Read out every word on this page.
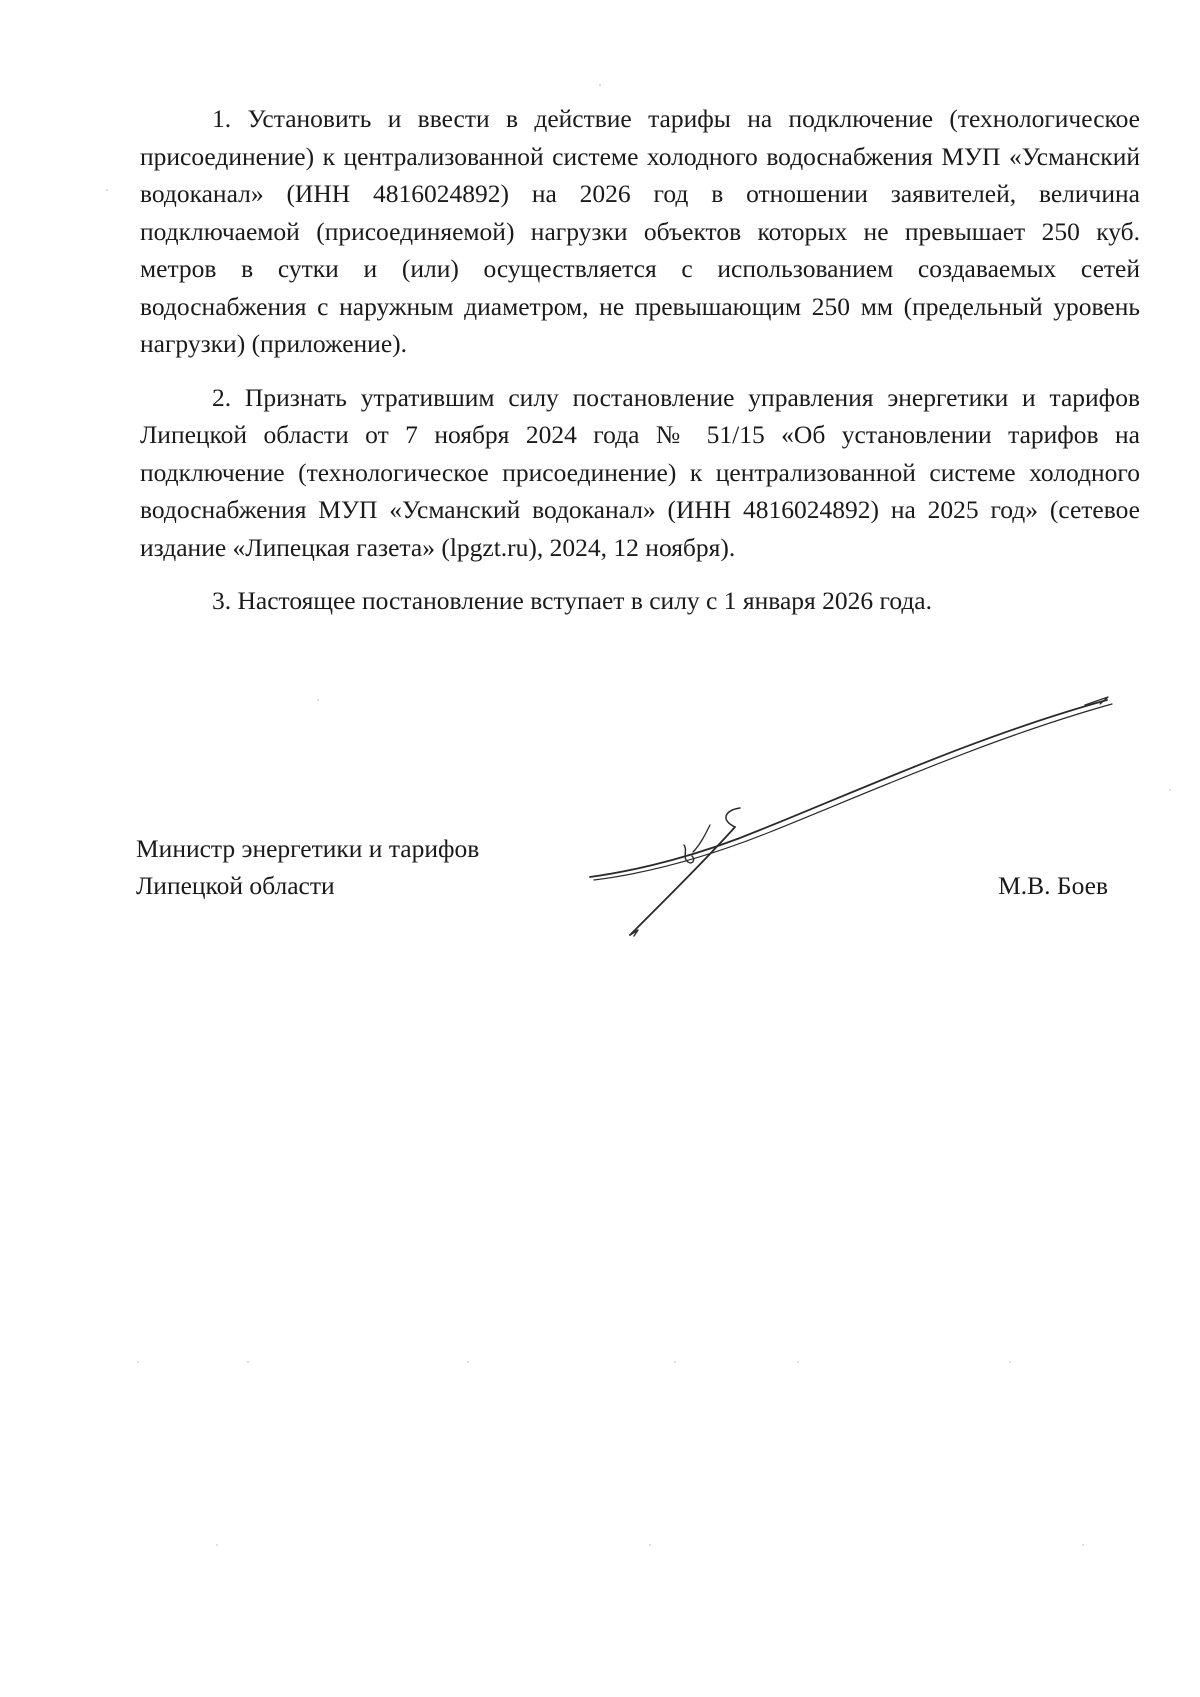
1. Установить и ввести в действие тарифы на подключение (технологическое присоединение) к централизованной системе холодного водоснабжения МУП «Усманский водоканал» (ИНН 4816024892) на 2026 год в отношении заявителей, величина подключаемой (присоединяемой) нагрузки объектов которых не превышает 250 куб. метров в сутки и (или) осуществляется с использованием создаваемых сетей водоснабжения с наружным диаметром, не превышающим 250 мм (предельный уровень нагрузки) (приложение).

2. Признать утратившим силу постановление управления энергетики и тарифов Липецкой области от 7 ноября 2024 года № 51/15 «Об установлении тарифов на подключение (технологическое присоединение) к централизованной системе холодного водоснабжения МУП «Усманский водоканал» (ИНН 4816024892) на 2025 год» (сетевое издание «Липецкая газета» (lpgzt.ru), 2024, 12 ноября).

3. Настоящее постановление вступает в силу с 1 января 2026 года.

Министр энергетики и тарифов
Липецкой области	М.В. Боев
